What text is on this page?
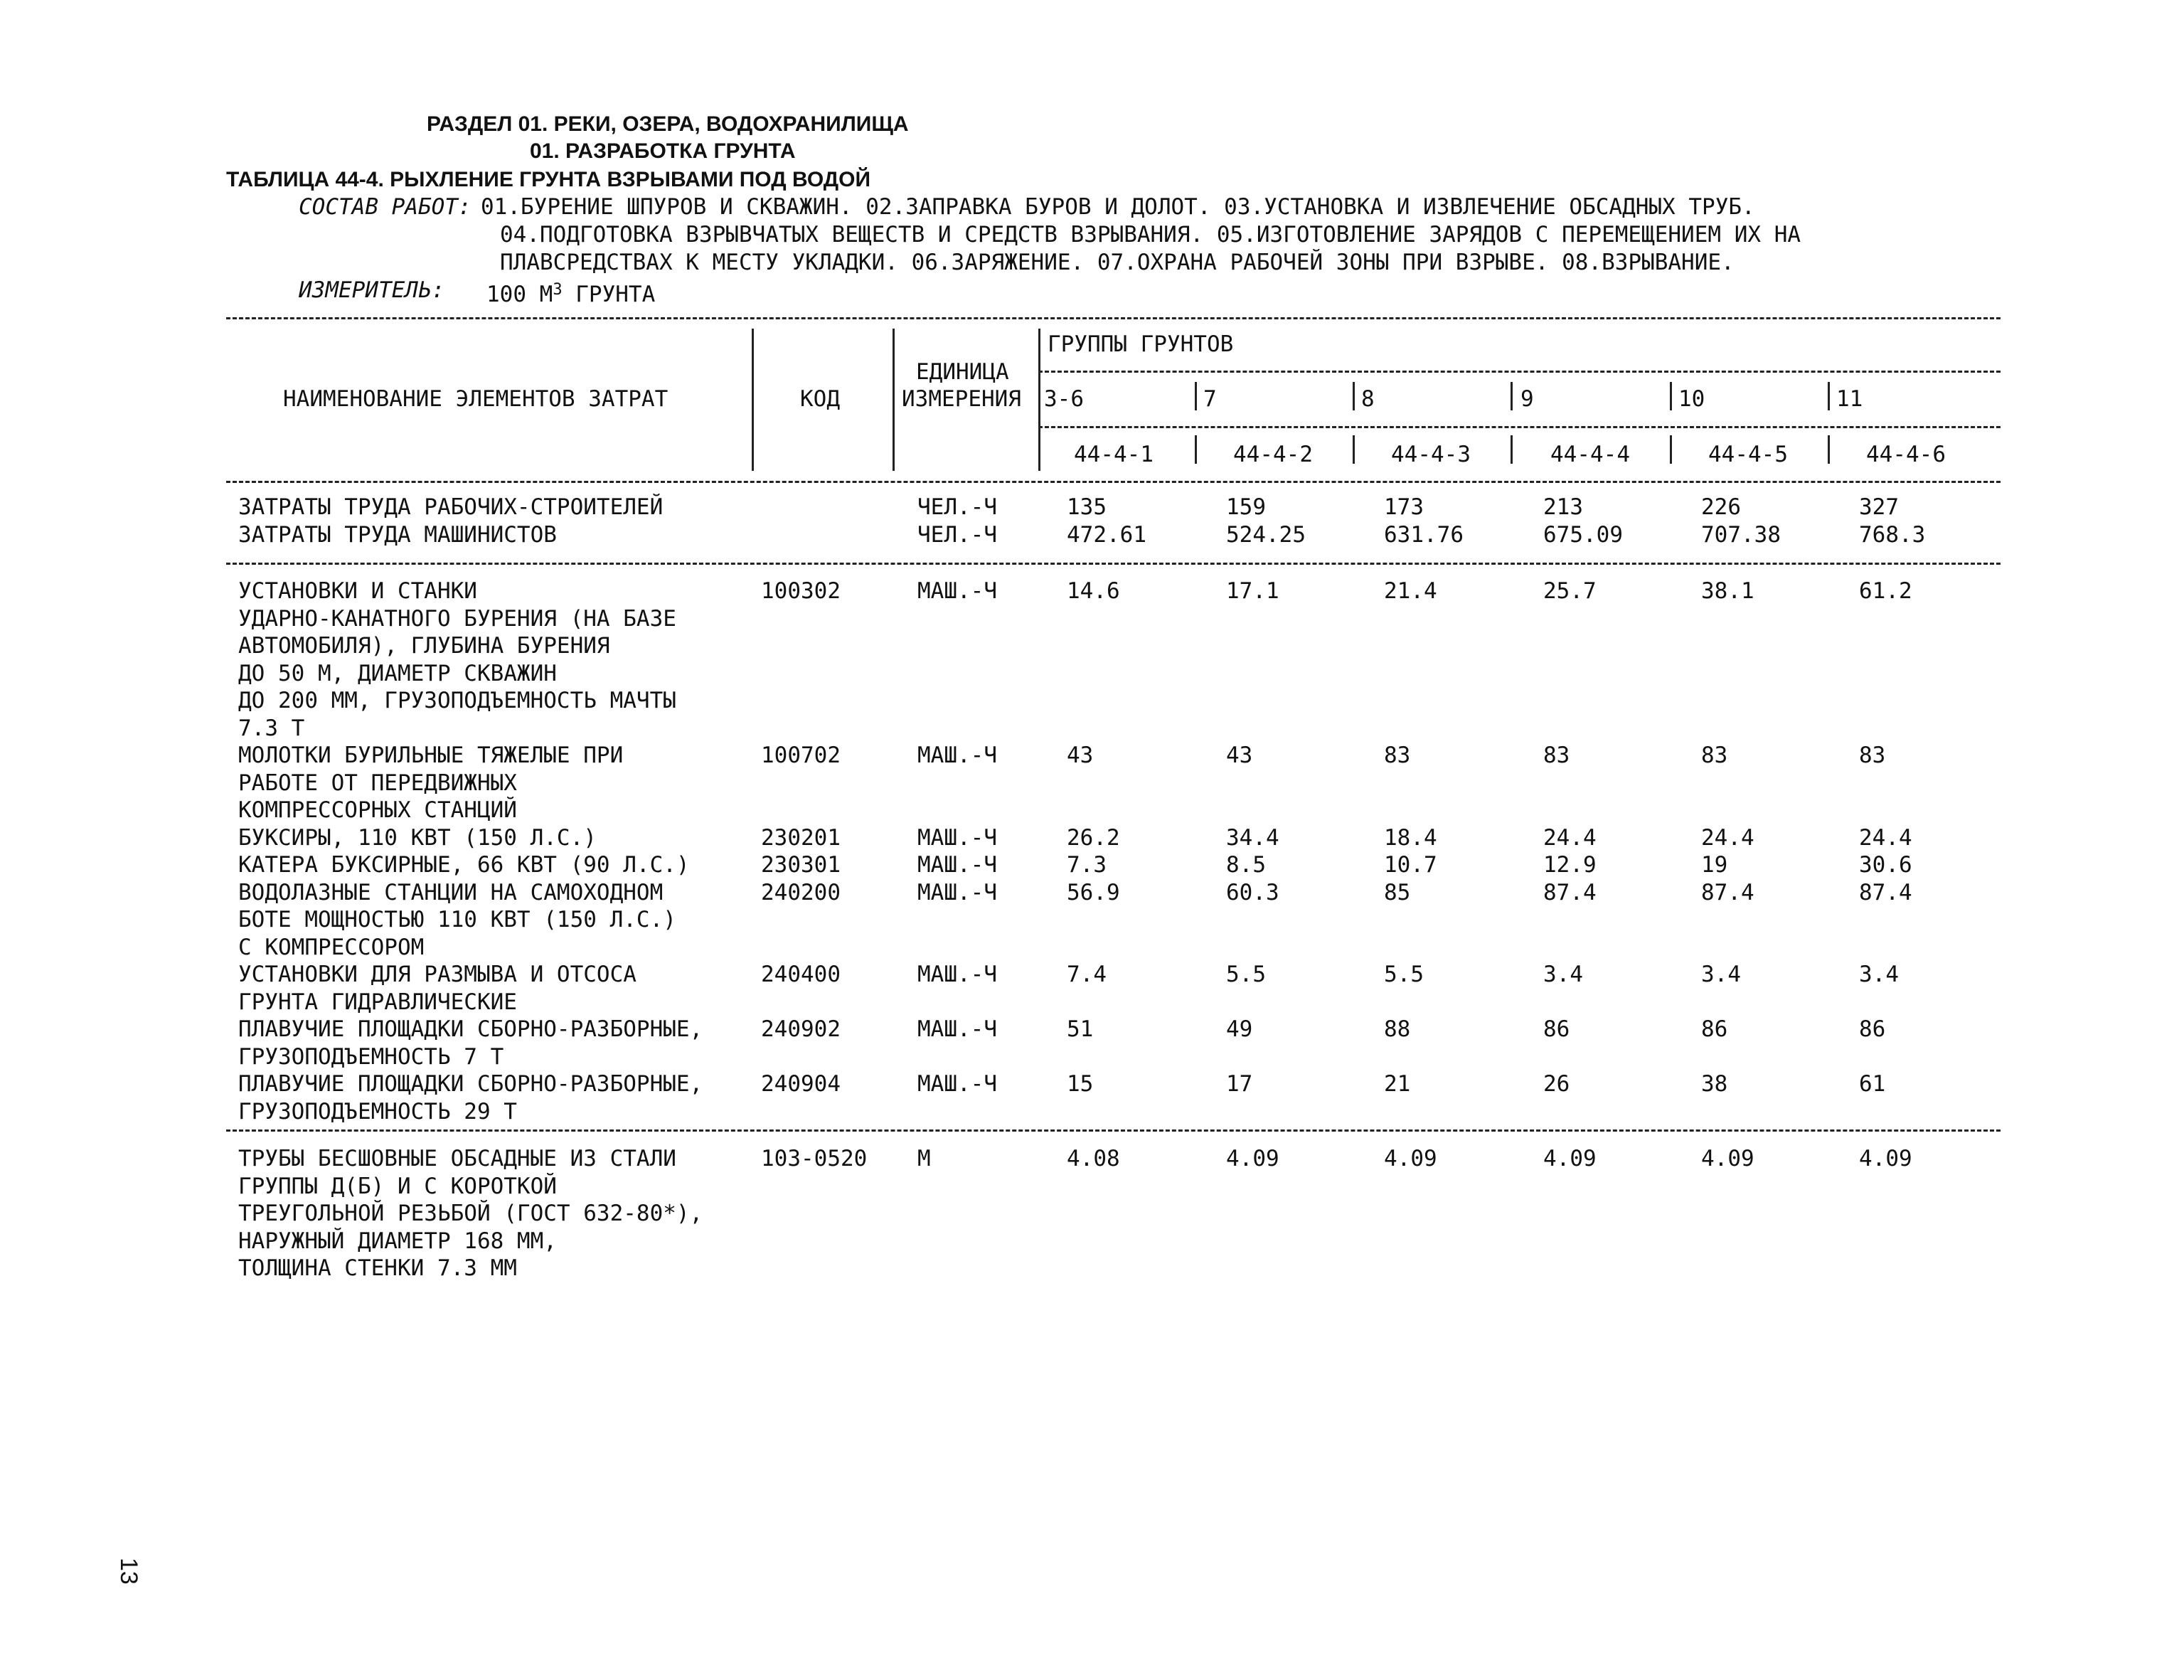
РАЗДЕЛ 01. РЕКИ, ОЗЕРА, ВОДОХРАНИЛИЩА
01. РАЗРАБОТКА ГРУНТА
ТАБЛИЦА 44-4. РЫХЛЕНИЕ ГРУНТА ВЗРЫВАМИ ПОД ВОДОЙ
СОСТАВ РАБОТ: 01.БУРЕНИЕ ШПУРОВ И СКВАЖИН. 02.ЗАПРАВКА БУРОВ И ДОЛОТ. 03.УСТАНОВКА И ИЗВЛЕЧЕНИЕ ОБСАДНЫХ ТРУБ.
04.ПОДГОТОВКА ВЗРЫВЧАТЫХ ВЕЩЕСТВ И СРЕДСТВ ВЗРЫВАНИЯ. 05.ИЗГОТОВЛЕНИЕ ЗАРЯДОВ С ПЕРЕМЕЩЕНИЕМ ИХ НА
ПЛАВСРЕДСТВАХ К МЕСТУ УКЛАДКИ. 06.ЗАРЯЖЕНИЕ. 07.ОХРАНА РАБОЧЕЙ ЗОНЫ ПРИ ВЗРЫВЕ. 08.ВЗРЫВАНИЕ.
ИЗМЕРИТЕЛЬ: 100 $М^3$ ГРУНТА
НАИМЕНОВАНИЕ ЭЛЕМЕНТОВ ЗАТРАТ	КОД
ЕДИНИЦА
ИЗМЕРЕНИЯ
ГРУППЫ ГРУНТОВ
3-6	7	8	9	10	11
44-4-1	44-4-2	44-4-3	44-4-4	44-4-5	44-4-6
ЗАТРАТЫ ТРУДА РАБОЧИХ-СТРОИТЕЛЕЙ	ЧЕЛ.-Ч	135	159	173	213	226	327
ЗАТРАТЫ ТРУДА МАШИНИСТОВ	ЧЕЛ.-Ч	472.61	524.25	631.76	675.09	707.38	768.3
УСТАНОВКИ И СТАНКИ
УДАРНО-КАНАТНОГО БУРЕНИЯ (НА БАЗЕ
АВТОМОБИЛЯ), ГЛУБИНА БУРЕНИЯ
ДО 50 М, ДИАМЕТР СКВАЖИН
ДО 200 ММ, ГРУЗОПОДЪЕМНОСТЬ МАЧТЫ
7.3 Т
100302	МАШ.-Ч	14.6	17.1	21.4	25.7	38.1	61.2
МОЛОТКИ БУРИЛЬНЫЕ ТЯЖЕЛЫЕ ПРИ
РАБОТЕ ОТ ПЕРЕДВИЖНЫХ
КОМПРЕССОРНЫХ СТАНЦИЙ
100702	МАШ.-Ч	43	43	83	83	83	83
БУКСИРЫ, 110 КВТ (150 Л.С.)	230201	МАШ.-Ч	26.2	34.4	18.4	24.4	24.4	24.4
КАТЕРА БУКСИРНЫЕ, 66 КВТ (90 Л.С.)	230301	МАШ.-Ч	7.3	8.5	10.7	12.9	19	30.6
ВОДОЛАЗНЫЕ СТАНЦИИ НА САМОХОДНОМ
БОТЕ МОЩНОСТЬЮ 110 КВТ (150 Л.С.)
С КОМПРЕССОРОМ
240200	МАШ.-Ч	56.9	60.3	85	87.4	87.4	87.4
УСТАНОВКИ ДЛЯ РАЗМЫВА И ОТСОСА
ГРУНТА ГИДРАВЛИЧЕСКИЕ
240400	МАШ.-Ч	7.4	5.5	5.5	3.4	3.4	3.4
ПЛАВУЧИЕ ПЛОЩАДКИ СБОРНО-РАЗБОРНЫЕ,
ГРУЗОПОДЪЕМНОСТЬ 7 Т
240902	МАШ.-Ч	51	49	88	86	86	86
ПЛАВУЧИЕ ПЛОЩАДКИ СБОРНО-РАЗБОРНЫЕ,
ГРУЗОПОДЪЕМНОСТЬ 29 Т
240904	МАШ.-Ч	15	17	21	26	38	61
ТРУБЫ БЕСШОВНЫЕ ОБСАДНЫЕ ИЗ СТАЛИ
ГРУППЫ Д(Б) И С КОРОТКОЙ
ТРЕУГОЛЬНОЙ РЕЗЬБОЙ (ГОСТ 632-80*),
НАРУЖНЫЙ ДИАМЕТР 168 ММ,
ТОЛЩИНА СТЕНКИ 7.3 ММ
103-0520 М	4.08	4.09	4.09	4.09	4.09	4.09
13
